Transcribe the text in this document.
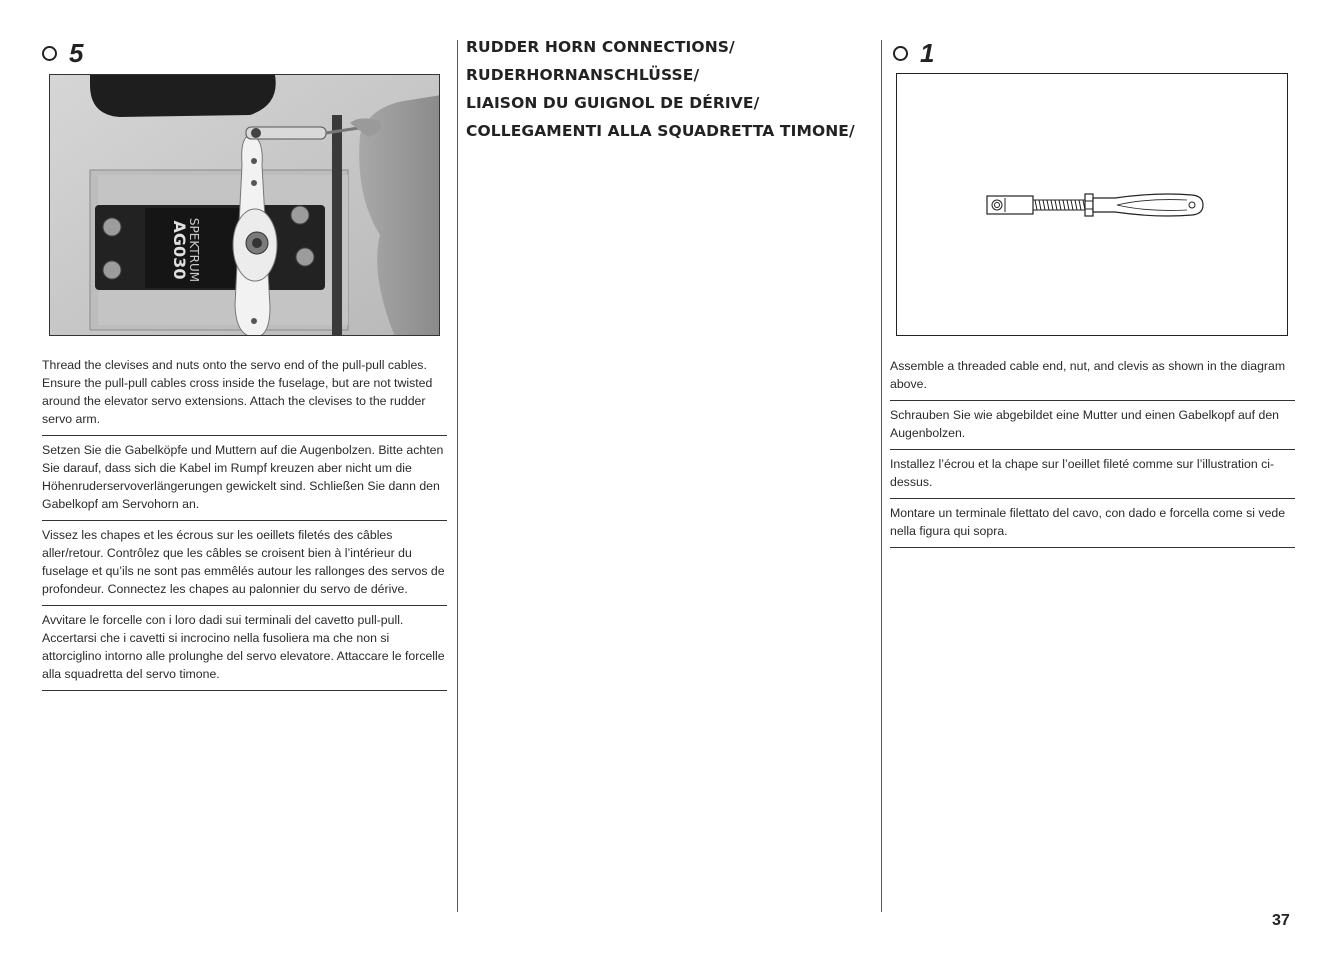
5
SPEKTRUM
AG030

Thread the clevises and nuts onto the servo end of the pull-pull cables. Ensure the pull-pull cables cross inside the fuselage, but are not twisted around the elevator servo extensions. Attach the clevises to the rudder servo arm.

Setzen Sie die Gabelköpfe und Muttern auf die Augenbolzen. Bitte achten Sie darauf, dass sich die Kabel im Rumpf kreuzen aber nicht um die Höhenruderservoverlängerungen gewickelt sind. Schließen Sie dann den Gabelkopf am Servohorn an.

Vissez les chapes et les écrous sur les oeillets filetés des câbles aller/retour. Contrôlez que les câbles se croisent bien à l’intérieur du fuselage et qu’ils ne sont pas emmêlés autour les rallonges des servos de profondeur. Connectez les chapes au palonnier du servo de dérive.

Avvitare le forcelle con i loro dadi sui terminali del cavetto pull-pull. Accertarsi che i cavetti si incrocino nella fusoliera ma che non si attorciglino intorno alle prolunghe del servo elevatore. Attaccare le forcelle alla squadretta del servo timone.

RUDDER HORN CONNECTIONS/
RUDERHORNANSCHLÜSSE/
LIAISON DU GUIGNOL DE DÉRIVE/
COLLEGAMENTI ALLA SQUADRETTA TIMONE/
1

Assemble a threaded cable end, nut, and clevis as shown in the diagram above.

Schrauben Sie wie abgebildet eine Mutter und einen Gabelkopf auf den Augenbolzen.

Installez l’écrou et la chape sur l’oeillet fileté comme sur l’illustration ci-dessus.

Montare un terminale filettato del cavo, con dado e forcella come si vede nella figura qui sopra.

37
